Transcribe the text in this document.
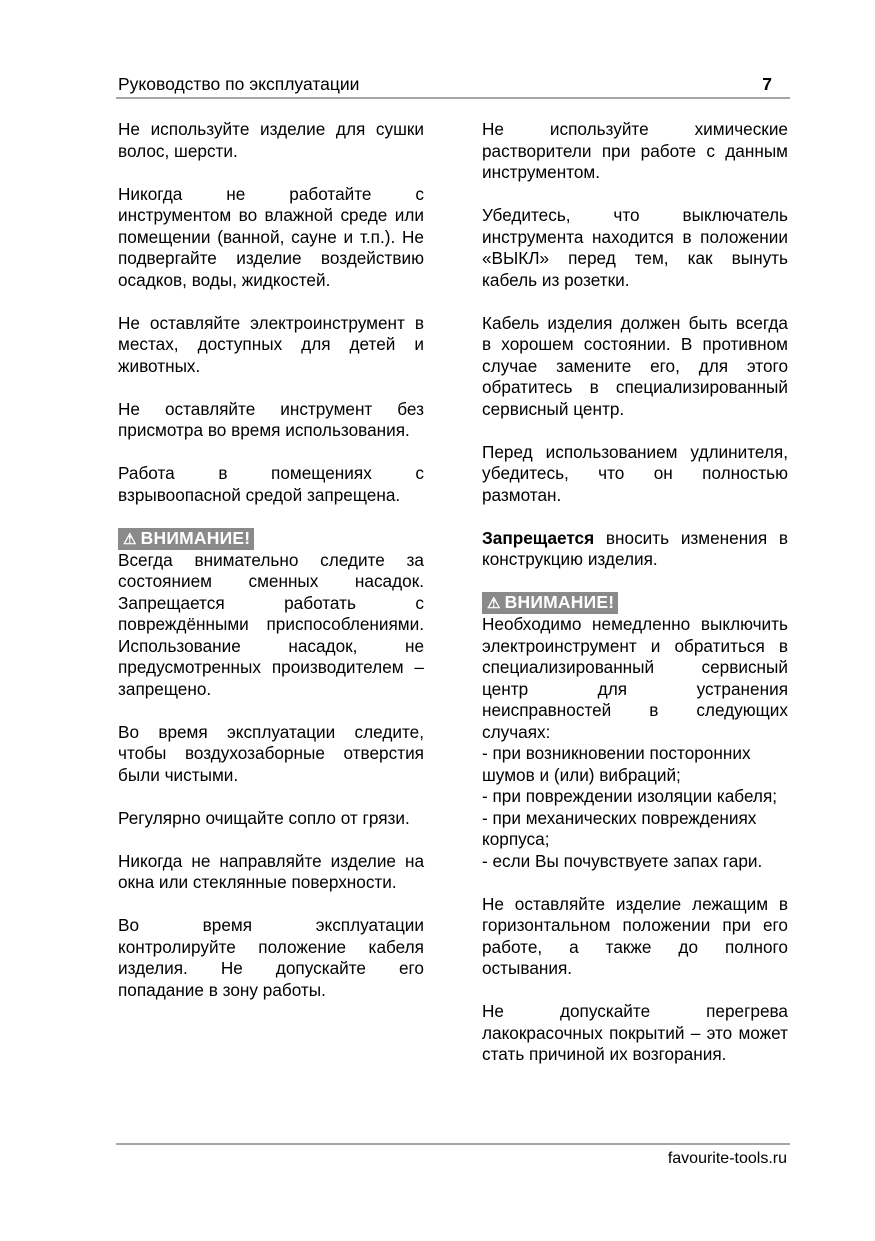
Руководство по эксплуатации	7

Не используйте изделие для сушки волос, шерсти.

Никогда не работайте с инструментом во влажной среде или помещении (ванной, сауне и т.п.). Не подвергайте изделие воздействию осадков, воды, жидкостей.

Не оставляйте электроинструмент в местах, доступных для детей и животных.

Не оставляйте инструмент без присмотра во время использования.

Работа в помещениях с взрывоопасной средой запрещена.

⚠ ВНИМАНИЕ!

Всегда внимательно следите за состоянием сменных насадок. Запрещается работать с повреждёнными приспособлениями. Использование насадок, не предусмотренных производителем – запрещено.

Во время эксплуатации следите, чтобы воздухозаборные отверстия были чистыми.

Регулярно очищайте сопло от грязи.

Никогда не направляйте изделие на окна или стеклянные поверхности.

Во время эксплуатации контролируйте положение кабеля изделия. Не допускайте его попадание в зону работы.

Не используйте химические растворители при работе с данным инструментом.

Убедитесь, что выключатель инструмента находится в положении «ВЫКЛ» перед тем, как вынуть кабель из розетки.

Кабель изделия должен быть всегда в хорошем состоянии. В противном случае замените его, для этого обратитесь в специализированный сервисный центр.

Перед использованием удлинителя, убедитесь, что он полностью размотан.

Запрещается вносить изменения в конструкцию изделия.

⚠ ВНИМАНИЕ!

Необходимо немедленно выключить электроинструмент и обратиться в специализированный сервисный центр для устранения неисправностей в следующих случаях:

- при возникновении посторонних шумов и (или) вибраций;

- при повреждении изоляции кабеля;

- при механических повреждениях корпуса;

- если Вы почувствуете запах гари.

Не оставляйте изделие лежащим в горизонтальном положении при его работе, а также до полного остывания.

Не допускайте перегрева лакокрасочных покрытий – это может стать причиной их возгорания.

favourite-tools.ru
